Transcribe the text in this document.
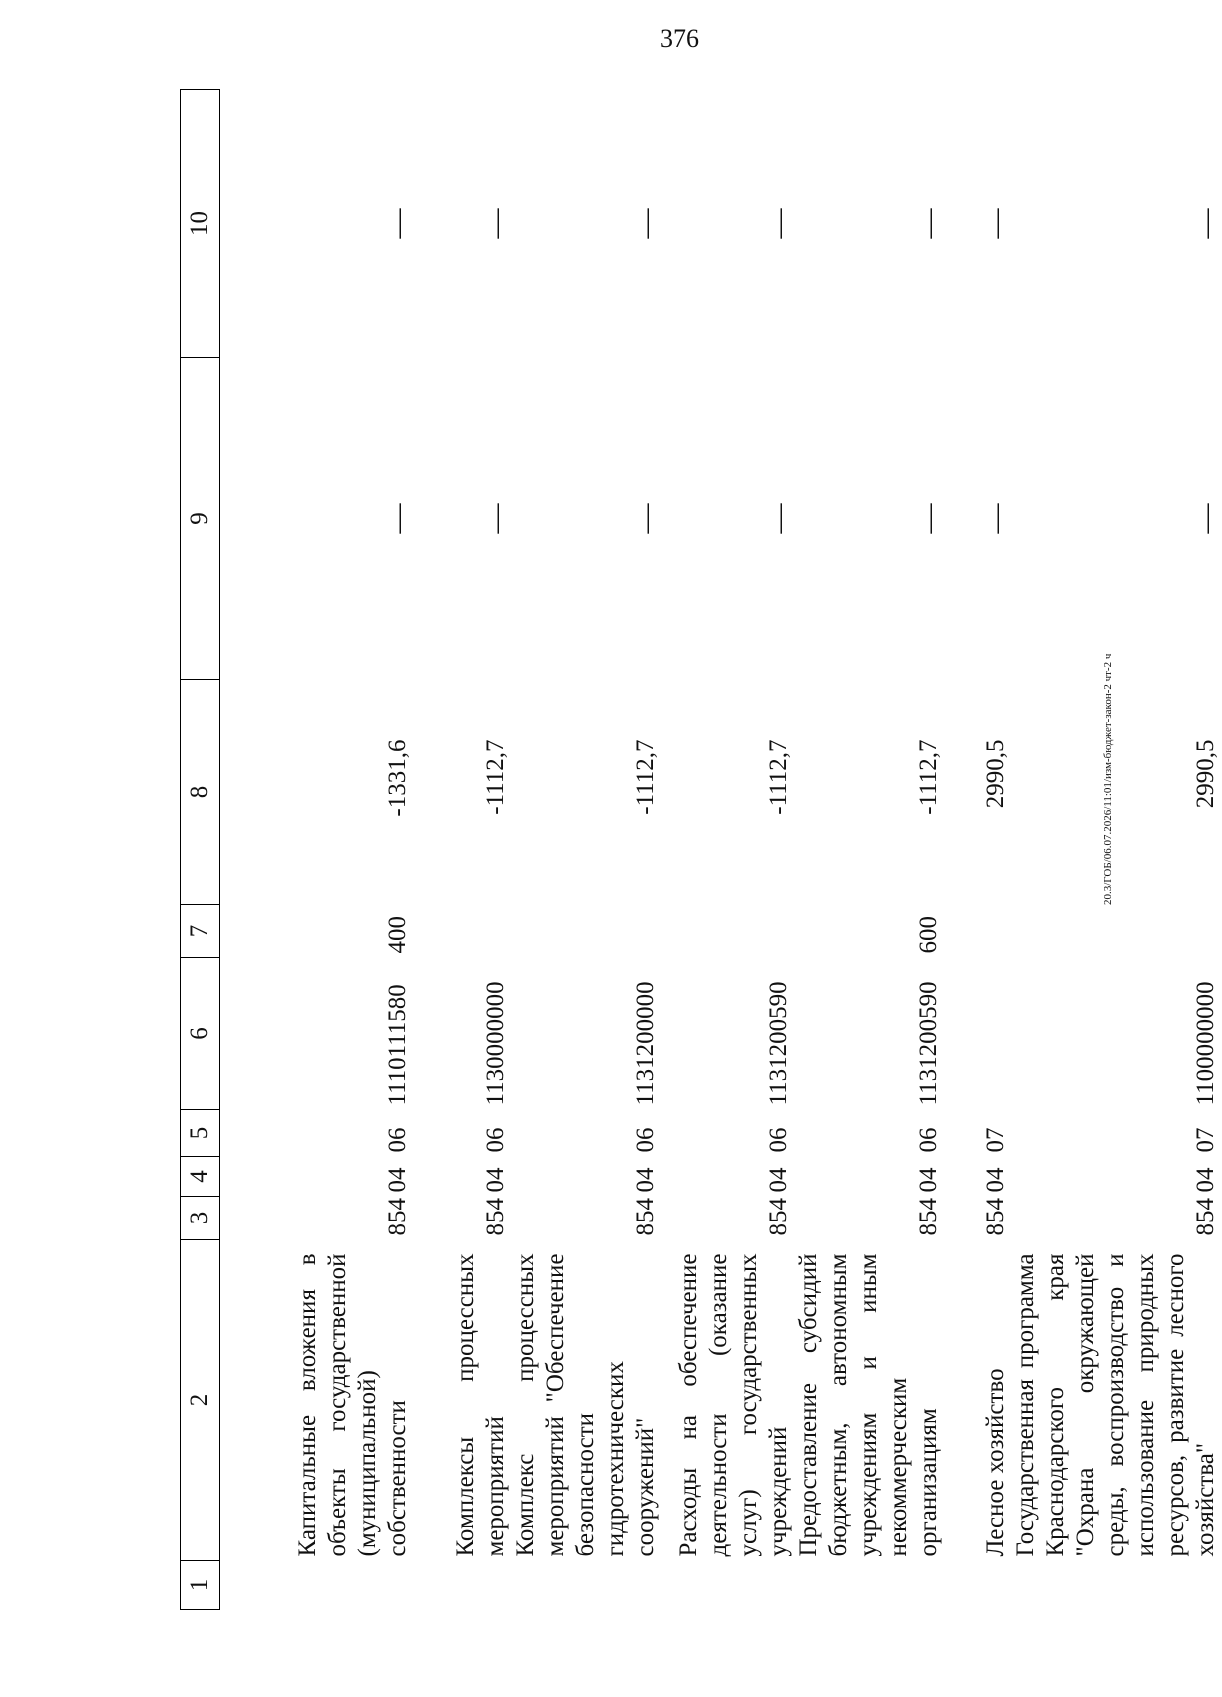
376
1	2	3	4	5	6	7	8	9	10
	Капитальные вложения в объекты государственной (муниципальной) собственности	854	04	06	1110111580	400	-1331,6	—	—
	Комплексы процессных мероприятий	854	04	06	1130000000		-1112,7	—	—
	Комплекс процессных мероприятий "Обеспечение безопасности гидротехнических сооружений"	854	04	06	1131200000		-1112,7	—	—
	Расходы на обеспечение деятельности (оказание услуг) государственных учреждений	854	04	06	1131200590		-1112,7	—	—
	Предоставление субсидий бюджетным, автономным учреждениям и иным некоммерческим организациям	854	04	06	1131200590	600	-1112,7	—	—
	Лесное хозяйство	854	04	07			2990,5	—	—
	Государственная программа Краснодарского края "Охрана окружающей среды, воспроизводство и использование природных ресурсов, развитие лесного хозяйства"	854	04	07	1100000000		2990,5	—	—
20.3/ГОБ/06.07.2026/11:01/изм-бюджет-закон-2 чт-2 ч
